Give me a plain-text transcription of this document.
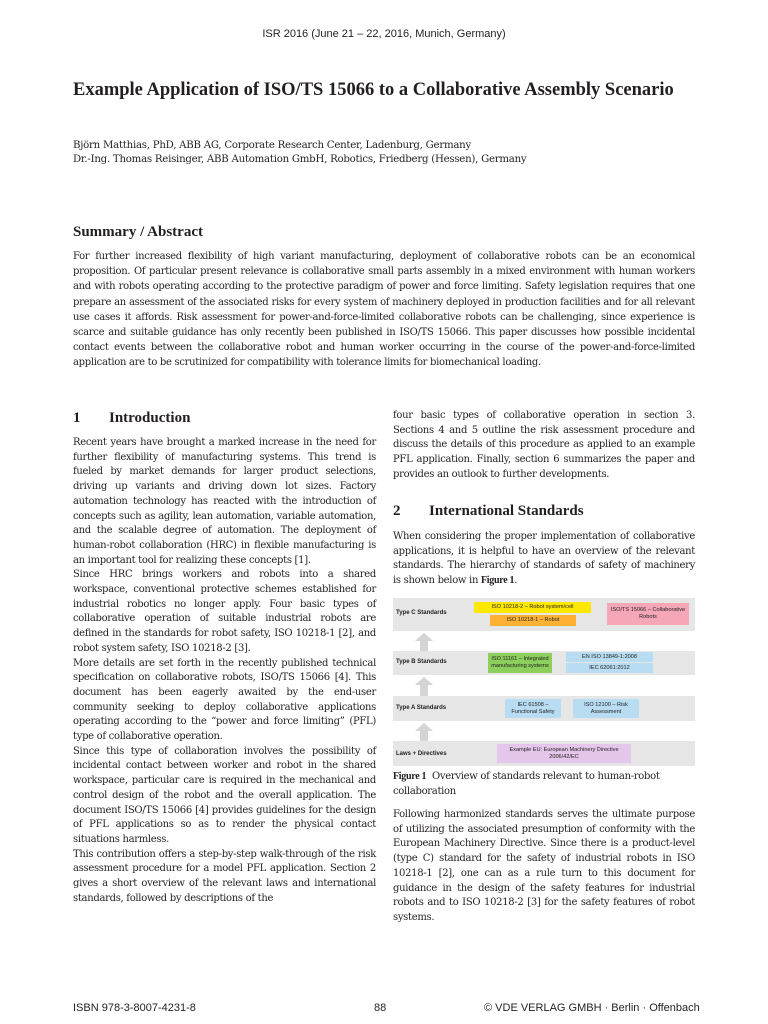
ISR 2016 (June 21 – 22, 2016, Munich, Germany)
Example Application of ISO/TS 15066 to a Collaborative Assembly Scenario
Björn Matthias, PhD, ABB AG, Corporate Research Center, Ladenburg, Germany
Dr.-Ing. Thomas Reisinger, ABB Automation GmbH, Robotics, Friedberg (Hessen), Germany
Summary / Abstract

For further increased flexibility of high variant manufacturing, deployment of collaborative robots can be an economical proposition. Of particular present relevance is collaborative small parts assembly in a mixed environment with human workers and with robots operating according to the protective paradigm of power and force limiting. Safety legislation requires that one prepare an assessment of the associated risks for every system of machinery deployed in production facilities and for all relevant use cases it affords. Risk assessment for power-and-force-limited collaborative robots can be challenging, since experience is scarce and suitable guidance has only recently been published in ISO/TS 15066. This paper discusses how possible incidental contact events between the collaborative robot and human worker occurring in the course of the power-and-force-limited application are to be scrutinized for compatibility with tolerance limits for biomechanical loading.

1 Introduction

Recent years have brought a marked increase in the need for further flexibility of manufacturing systems. This trend is fueled by market demands for larger product selections, driving up variants and driving down lot sizes. Factory automation technology has reacted with the introduction of concepts such as agility, lean automation, variable automation, and the scalable degree of automation. The deployment of human-robot collaboration (HRC) in flexible manufacturing is an important tool for realizing these concepts [1].

Since HRC brings workers and robots into a shared workspace, conventional protective schemes established for industrial robotics no longer apply. Four basic types of collaborative operation of suitable industrial robots are defined in the standards for robot safety, ISO 10218-1 [2], and robot system safety, ISO 10218-2 [3].

More details are set forth in the recently published technical specification on collaborative robots, ISO/TS 15066 [4]. This document has been eagerly awaited by the end-user community seeking to deploy collaborative applications operating according to the “power and force limiting” (PFL) type of collaborative operation.

Since this type of collaboration involves the possibility of incidental contact between worker and robot in the shared workspace, particular care is required in the mechanical and control design of the robot and the overall application. The document ISO/TS 15066 [4] provides guidelines for the design of PFL applications so as to render the physical contact situations harmless.

This contribution offers a step-by-step walk-through of the risk assessment procedure for a model PFL application. Section 2 gives a short overview of the relevant laws and international standards, followed by descriptions of the

four basic types of collaborative operation in section 3. Sections 4 and 5 outline the risk assessment procedure and discuss the details of this procedure as applied to an example PFL application. Finally, section 6 summarizes the paper and provides an outlook to further developments.

2 International Standards

When considering the proper implementation of collaborative applications, it is helpful to have an overview of the relevant standards. The hierarchy of standards of safety of machinery is shown below in Figure 1.

Type C Standards
ISO 10218-2 – Robot system/cell
ISO 10218-1 – Robot
ISO/TS 15066 – Collaborative Robots
Type B Standards	ISO 11161 – Integrated manufacturing systems
EN ISO 13849-1:2008
IEC 62061:2012
Type A Standards
IEC 61508 – Functional Safety
ISO 12100 – Risk Assessment
Laws + Directives
Example EU: European Machinery Directive 2006/42/EC
Figure 1 Overview of standards relevant to human-robot collaboration

Following harmonized standards serves the ultimate purpose of utilizing the associated presumption of conformity with the European Machinery Directive. Since there is a product-level (type C) standard for the safety of industrial robots in ISO 10218-1 [2], one can as a rule turn to this document for guidance in the design of the safety features for industrial robots and to ISO 10218-2 [3] for the safety features of robot systems.

ISBN 978-3-8007-4231-8	88	© VDE VERLAG GMBH · Berlin · Offenbach
